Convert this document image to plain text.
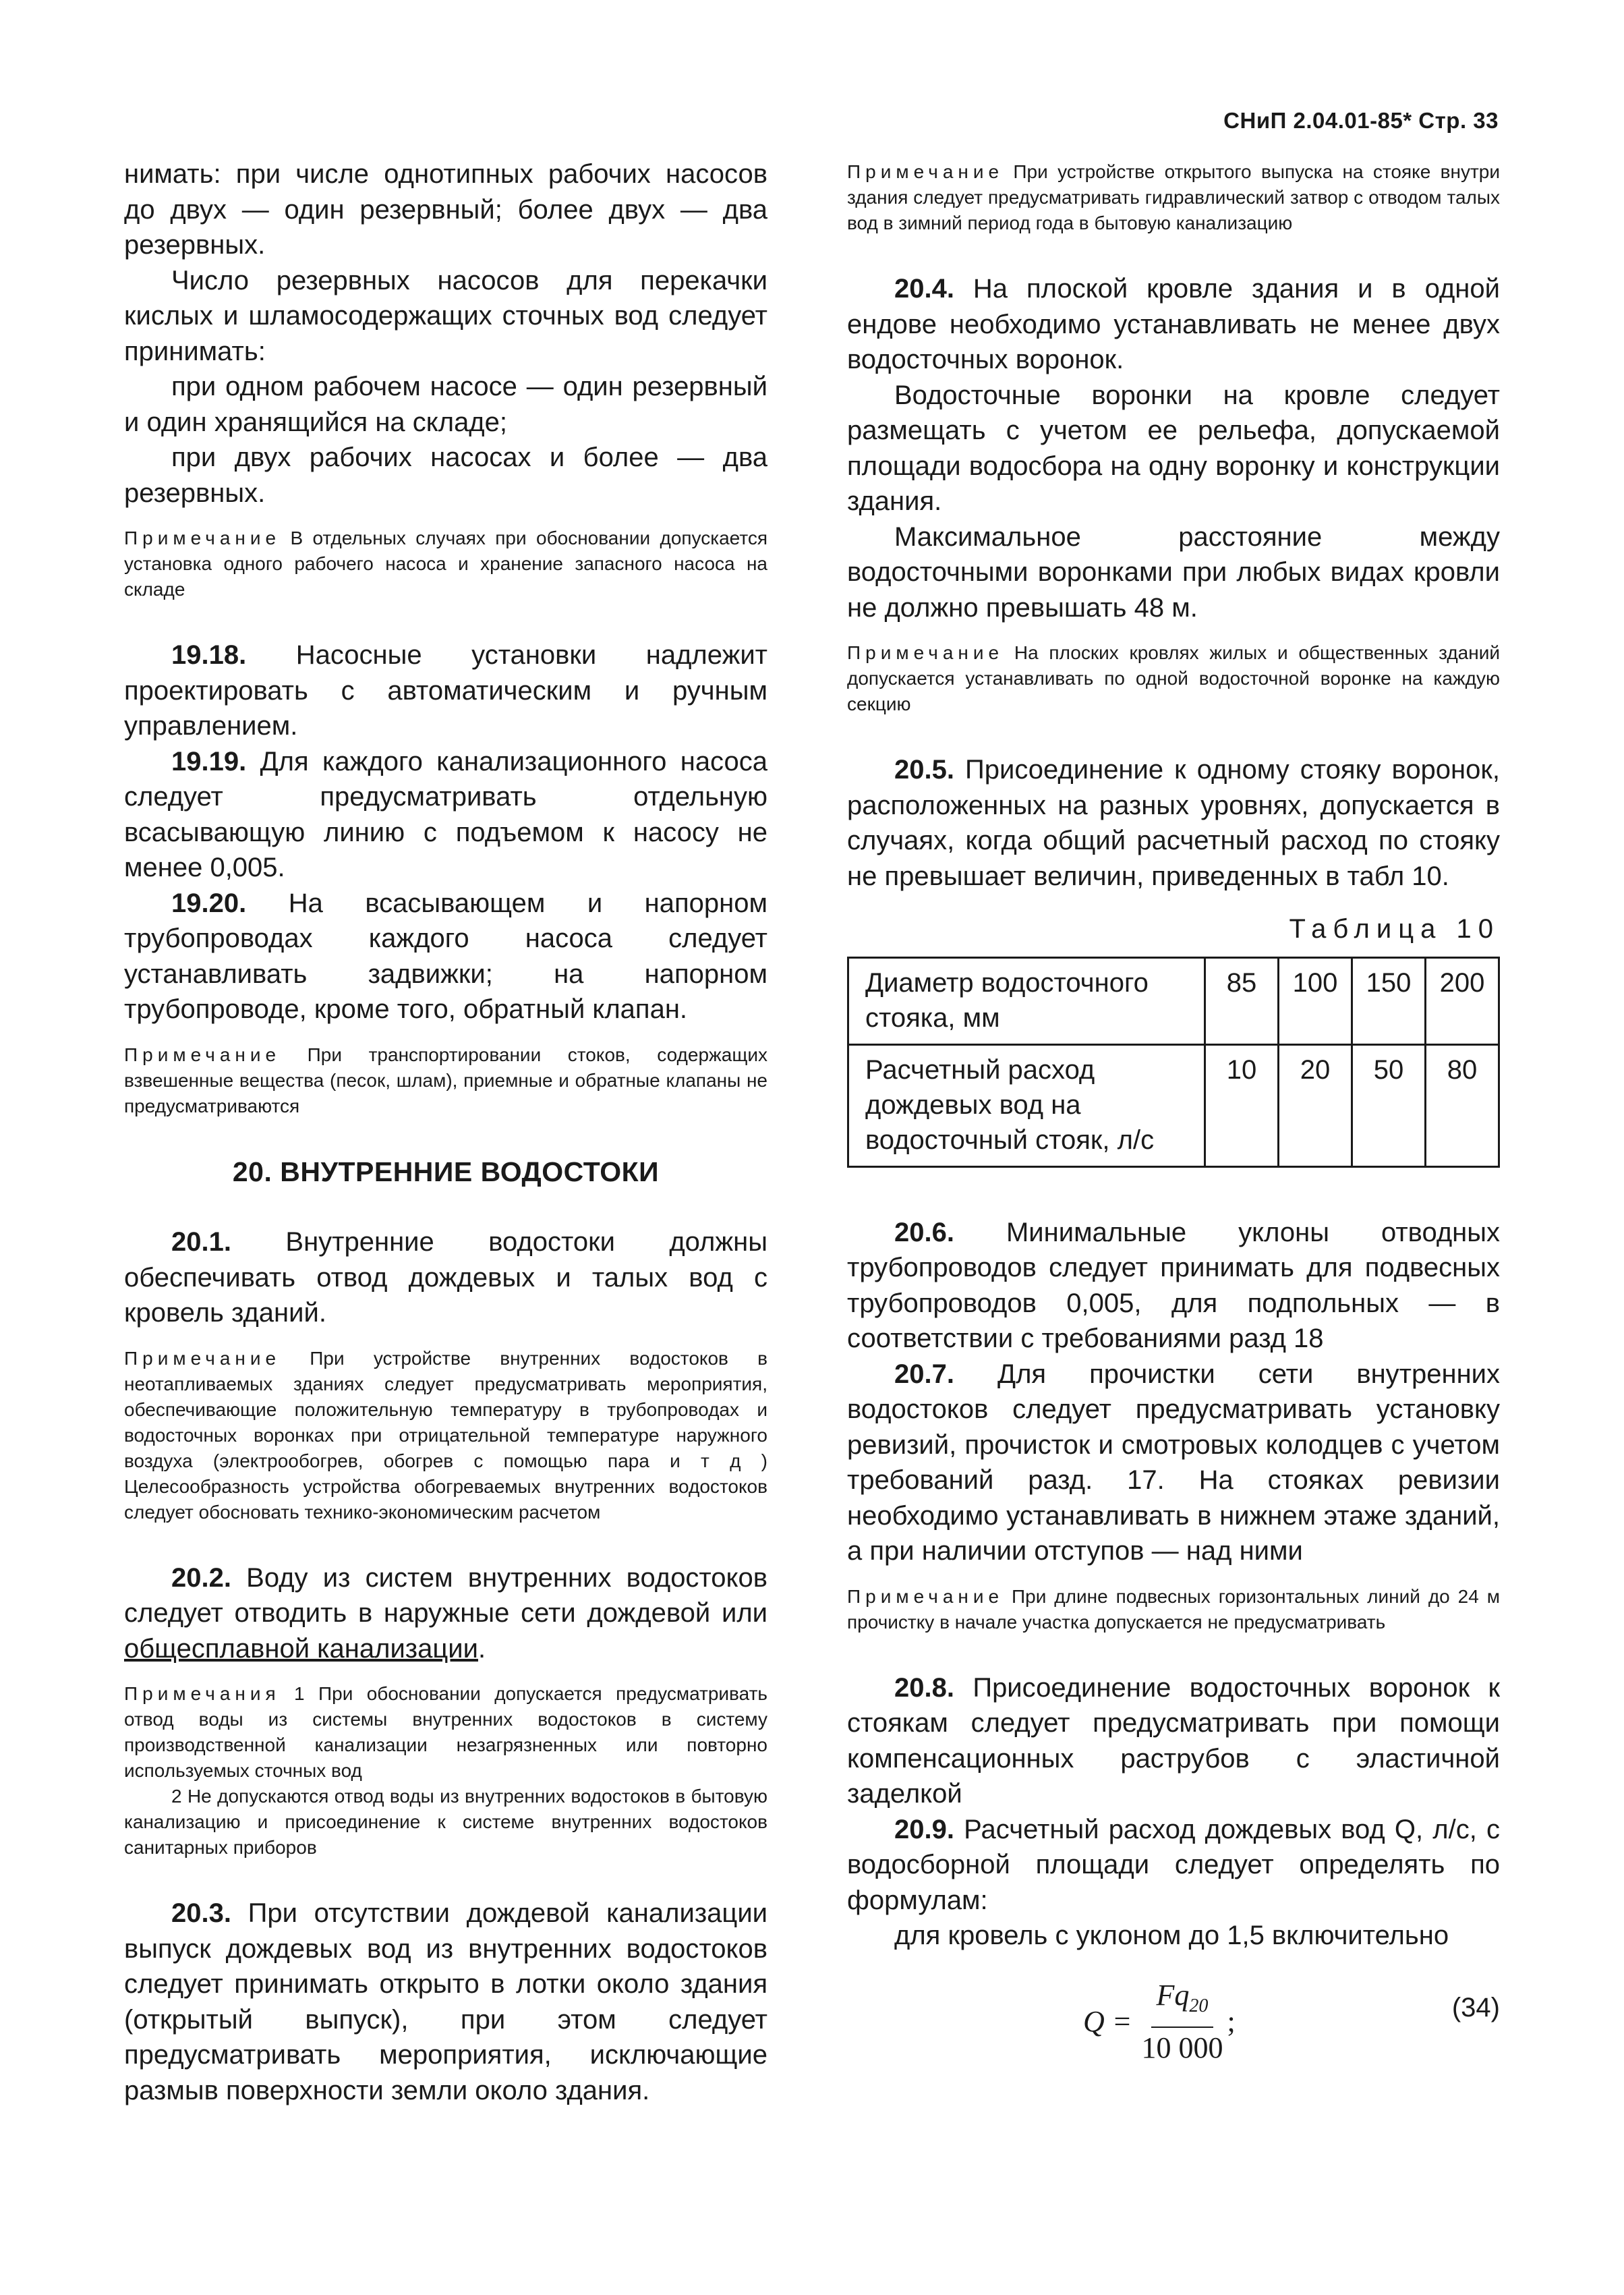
СНиП 2.04.01-85* Стр. 33

нимать: при числе однотипных рабочих насосов до двух — один резервный; более двух — два резервных.

Число резервных насосов для перекачки кислых и шламосодержащих сточных вод следует принимать:

при одном рабочем насосе — один резервный и один хранящийся на складе;

при двух рабочих насосах и более — два резервных.

Примечание В отдельных случаях при обосновании допускается установка одного рабочего насоса и хранение запасного насоса на складе

19.18. Насосные установки надлежит проектировать с автоматическим и ручным управлением.

19.19. Для каждого канализационного насоса следует предусматривать отдельную всасывающую линию с подъемом к насосу не менее 0,005.

19.20. На всасывающем и напорном трубопроводах каждого насоса следует устанавливать задвижки; на напорном трубопроводе, кроме того, обратный клапан.

Примечание При транспортировании стоков, содержащих взвешенные вещества (песок, шлам), приемные и обратные клапаны не предусматриваются
20. ВНУТРЕННИЕ ВОДОСТОКИ

20.1. Внутренние водостоки должны обеспечивать отвод дождевых и талых вод с кровель зданий.

Примечание При устройстве внутренних водостоков в неотапливаемых зданиях следует предусматривать мероприятия, обеспечивающие положительную температуру в трубопроводах и водосточных воронках при отрицательной температуре наружного воздуха (электрообогрев, обогрев с помощью пара и т д ) Целесообразность устройства обогреваемых внутренних водостоков следует обосновать технико-экономическим расчетом

20.2. Воду из систем внутренних водостоков следует отводить в наружные сети дождевой или общесплавной канализации.

Примечания 1 При обосновании допускается предусматривать отвод воды из системы внутренних водостоков в систему производственной канализации незагрязненных или повторно используемых сточных вод
2 Не допускаются отвод воды из внутренних водостоков в бытовую канализацию и присоединение к системе внутренних водостоков санитарных приборов

20.3. При отсутствии дождевой канализации выпуск дождевых вод из внутренних водостоков следует принимать открыто в лотки около здания (открытый выпуск), при этом следует предусматривать мероприятия, исключающие размыв поверхности земли около здания.

Примечание При устройстве открытого выпуска на стояке внутри здания следует предусматривать гидравлический затвор с отводом талых вод в зимний период года в бытовую канализацию

20.4. На плоской кровле здания и в одной ендове необходимо устанавливать не менее двух водосточных воронок.

Водосточные воронки на кровле следует размещать с учетом ее рельефа, допускаемой площади водосбора на одну воронку и конструкции здания.

Максимальное расстояние между водосточными воронками при любых видах кровли не должно превышать 48 м.

Примечание На плоских кровлях жилых и общественных зданий допускается устанавливать по одной водосточной воронке на каждую секцию

20.5. Присоединение к одному стояку воронок, расположенных на разных уровнях, допускается в случаях, когда общий расчетный расход по стояку не превышает величин, приведенных в табл 10.

Таблица 10
Диаметр водосточного стояка, мм	85	100	150	200
Расчетный расход дождевых вод на водосточный стояк, л/с	10	20	50	80

20.6. Минимальные уклоны отводных трубопроводов следует принимать для подвесных трубопроводов 0,005, для подпольных — в соответствии с требованиями разд 18

20.7. Для прочистки сети внутренних водостоков следует предусматривать установку ревизий, прочисток и смотровых колодцев с учетом требований разд. 17. На стояках ревизии необходимо устанавливать в нижнем этаже зданий, а при наличии отступов — над ними

Примечание При длине подвесных горизонтальных линий до 24 м прочистку в начале участка допускается не предусматривать

20.8. Присоединение водосточных воронок к стоякам следует предусматривать при помощи компенсационных раструбов с эластичной заделкой

20.9. Расчетный расход дождевых вод Q, л/с, с водосборной площади следует определять по формулам:

для кровель с уклоном до 1,5 включительно

$Q = \frac{Fq_{20}}{10 000}$ ;	(34)
